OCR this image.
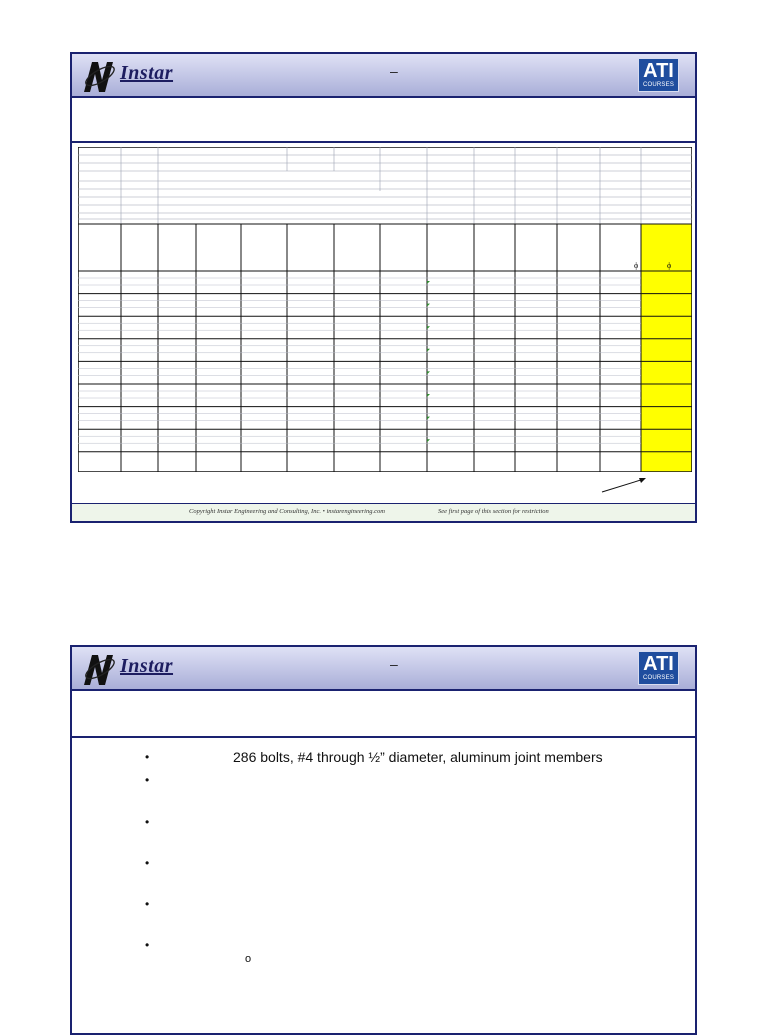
Instar	–	ATI
COURSES
ϕ	ϕ
Copyright Instar Engineering and Consulting, Inc. • instarengineering.com	See first page of this section for restriction
Instar	–	ATI
COURSES
•	286 bolts, #4 through ½” diameter, aluminum joint members
•
•
•
•
•
o
